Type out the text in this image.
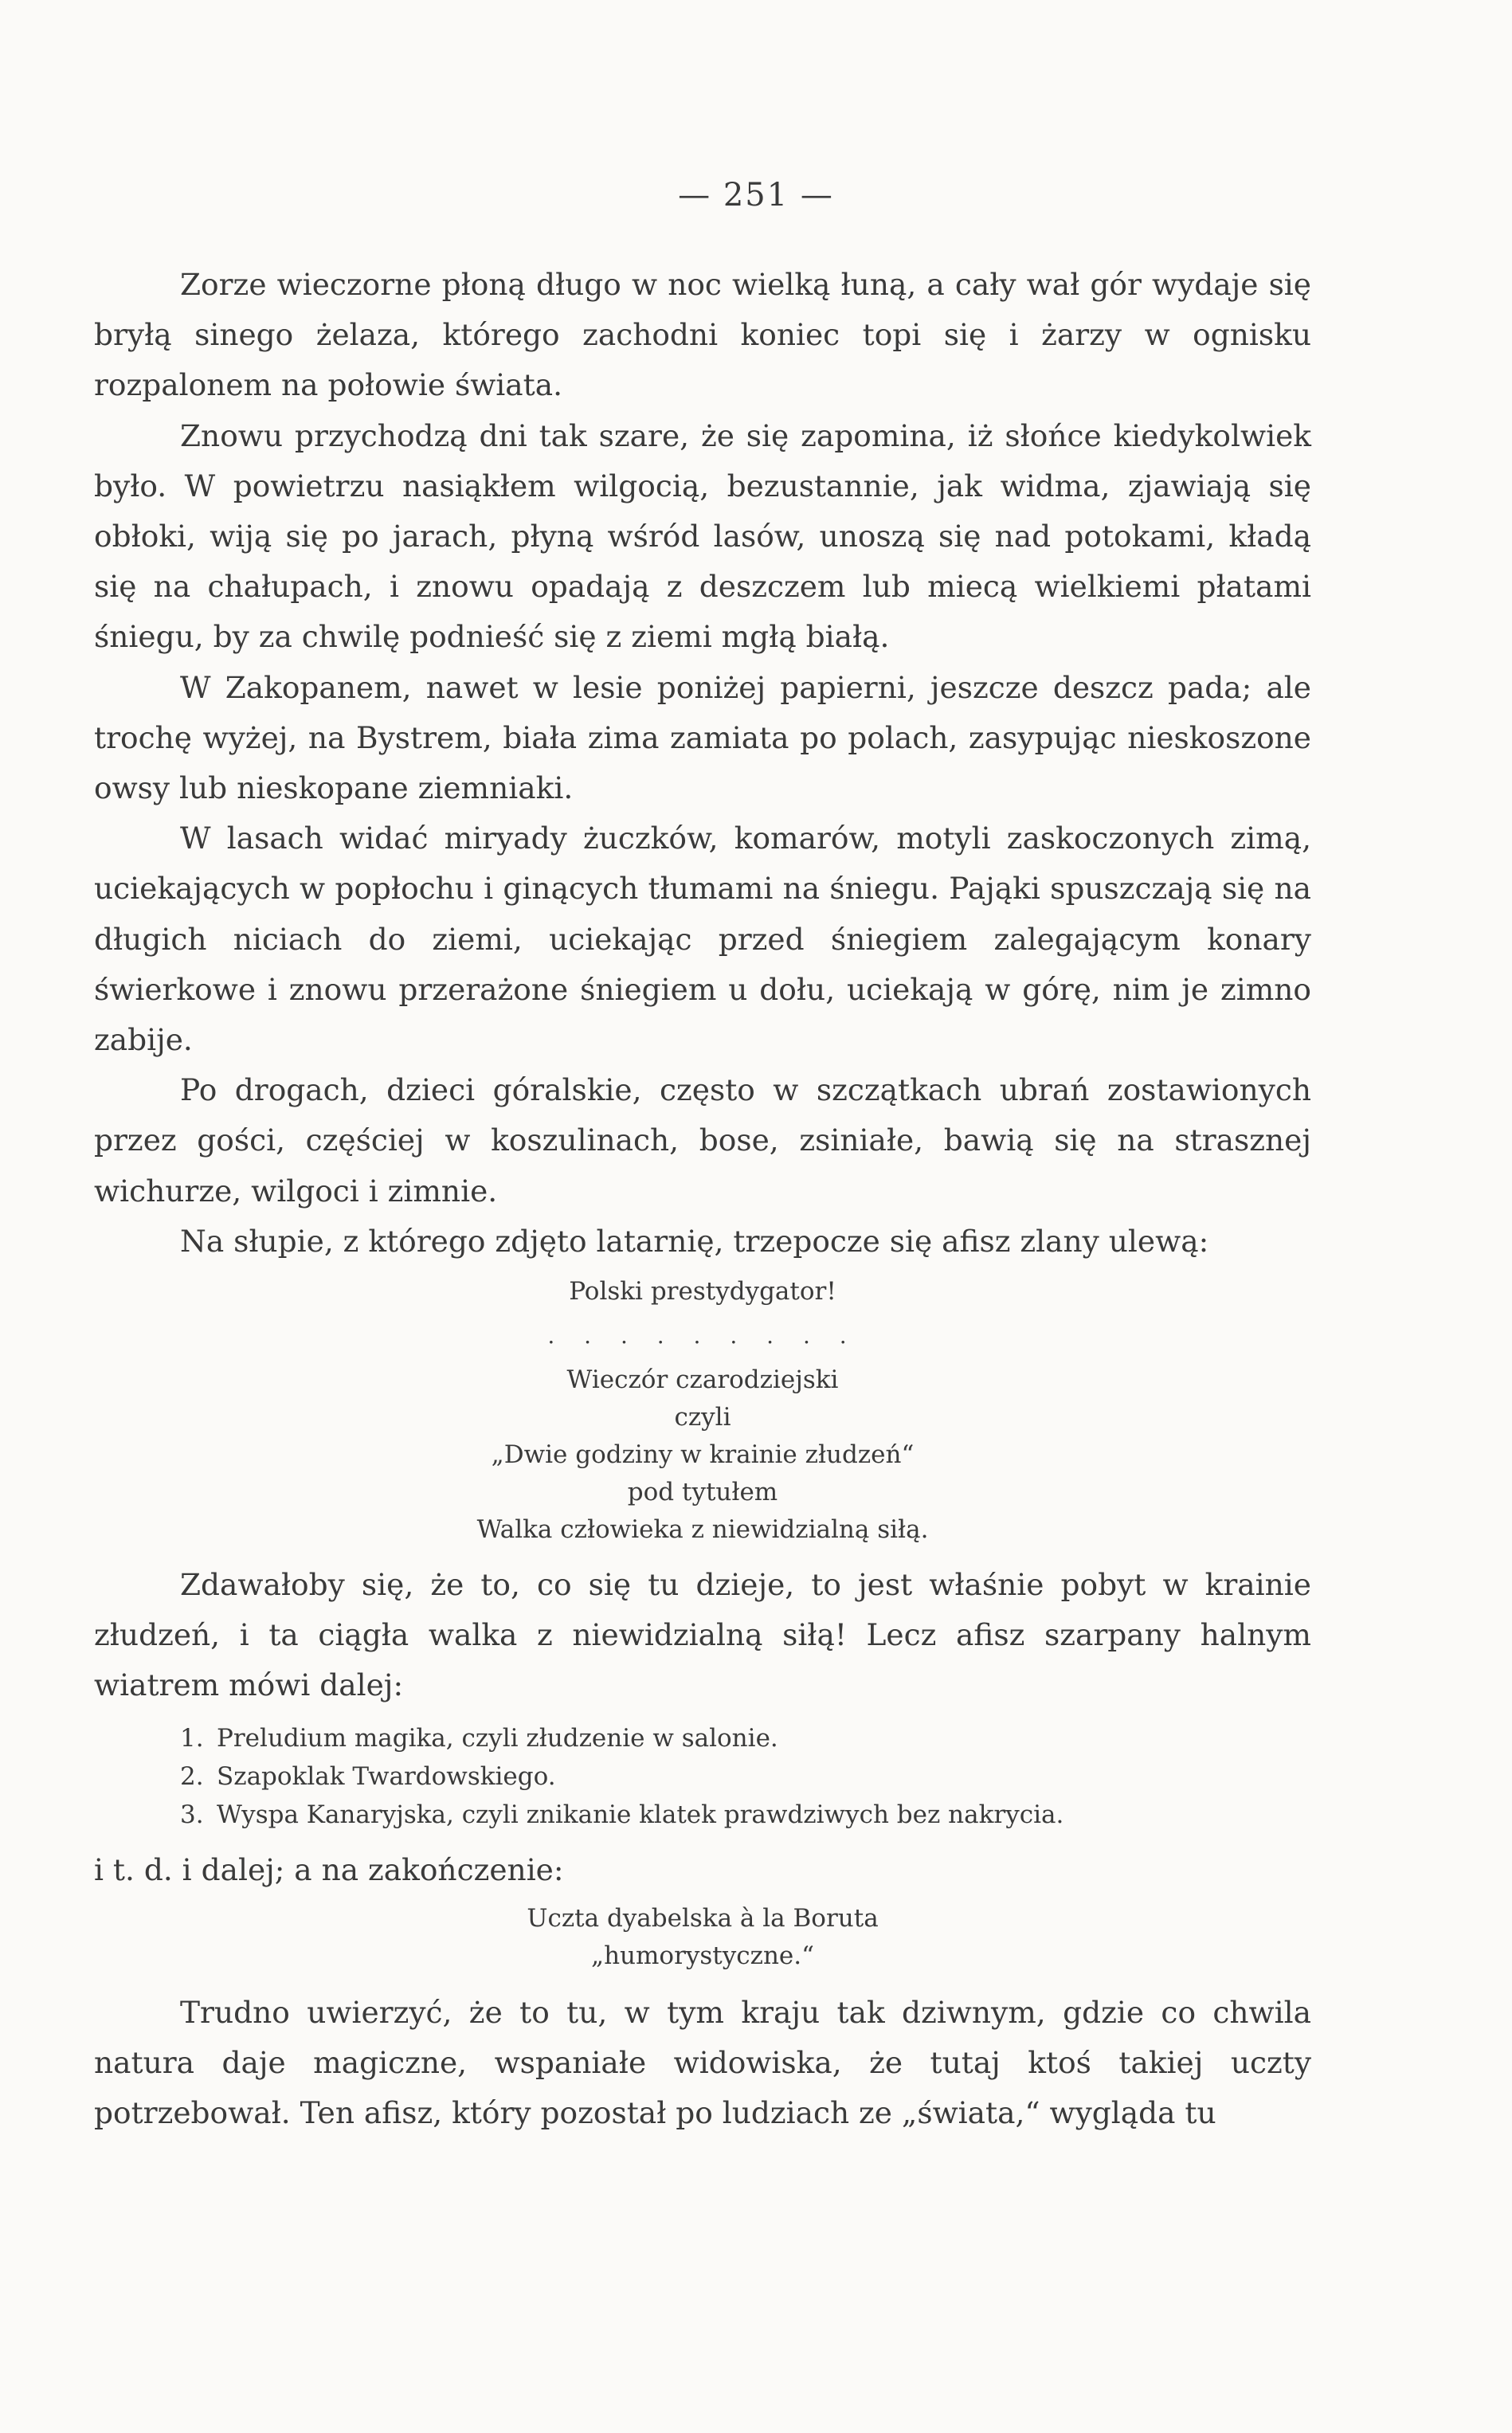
— 251 —

Zorze wieczorne płoną długo w noc wielką łuną, a cały wał gór wydaje się bryłą sinego żelaza, którego zachodni koniec topi się i żarzy w ognisku rozpalonem na połowie świata.

Znowu przychodzą dni tak szare, że się zapomina, iż słońce kiedykolwiek było. W powietrzu nasiąkłem wilgocią, bezustannie, jak widma, zjawiają się obłoki, wiją się po jarach, płyną wśród lasów, unoszą się nad potokami, kładą się na chałupach, i znowu opadają z deszczem lub miecą wielkiemi płatami śniegu, by za chwilę podnieść się z ziemi mgłą białą.

W Zakopanem, nawet w lesie poniżej papierni, jeszcze deszcz pada; ale trochę wyżej, na Bystrem, biała zima zamiata po polach, zasypując nieskoszone owsy lub nieskopane ziemniaki.

W lasach widać miryady żuczków, komarów, motyli zaskoczonych zimą, uciekających w popłochu i ginących tłumami na śniegu. Pająki spuszczają się na długich niciach do ziemi, uciekając przed śniegiem zalegającym konary świerkowe i znowu przerażone śniegiem u dołu, uciekają w górę, nim je zimno zabije.

Po drogach, dzieci góralskie, często w szczątkach ubrań zostawionych przez gości, częściej w koszulinach, bose, zsiniałe, bawią się na strasznej wichurze, wilgoci i zimnie.

Na słupie, z którego zdjęto latarnię, trzepocze się afisz zlany ulewą:

Polski prestydygator!

. . . . . . . . .

Wieczór czarodziejski

czyli

„Dwie godziny w krainie złudzeń“

pod tytułem

Walka człowieka z niewidzialną siłą.

Zdawałoby się, że to, co się tu dzieje, to jest właśnie pobyt w krainie złudzeń, i ta ciągła walka z niewidzialną siłą! Lecz afisz szarpany halnym wiatrem mówi dalej:

1. Preludium magika, czyli złudzenie w salonie.
2. Szapoklak Twardowskiego.
3. Wyspa Kanaryjska, czyli znikanie klatek prawdziwych bez nakrycia.

i t. d. i dalej; a na zakończenie:

Uczta dyabelska à la Boruta

„humorystyczne.“

Trudno uwierzyć, że to tu, w tym kraju tak dziwnym, gdzie co chwila natura daje magiczne, wspaniałe widowiska, że tutaj ktoś takiej uczty potrzebował. Ten afisz, który pozostał po ludziach ze „świata,“ wygląda tu
